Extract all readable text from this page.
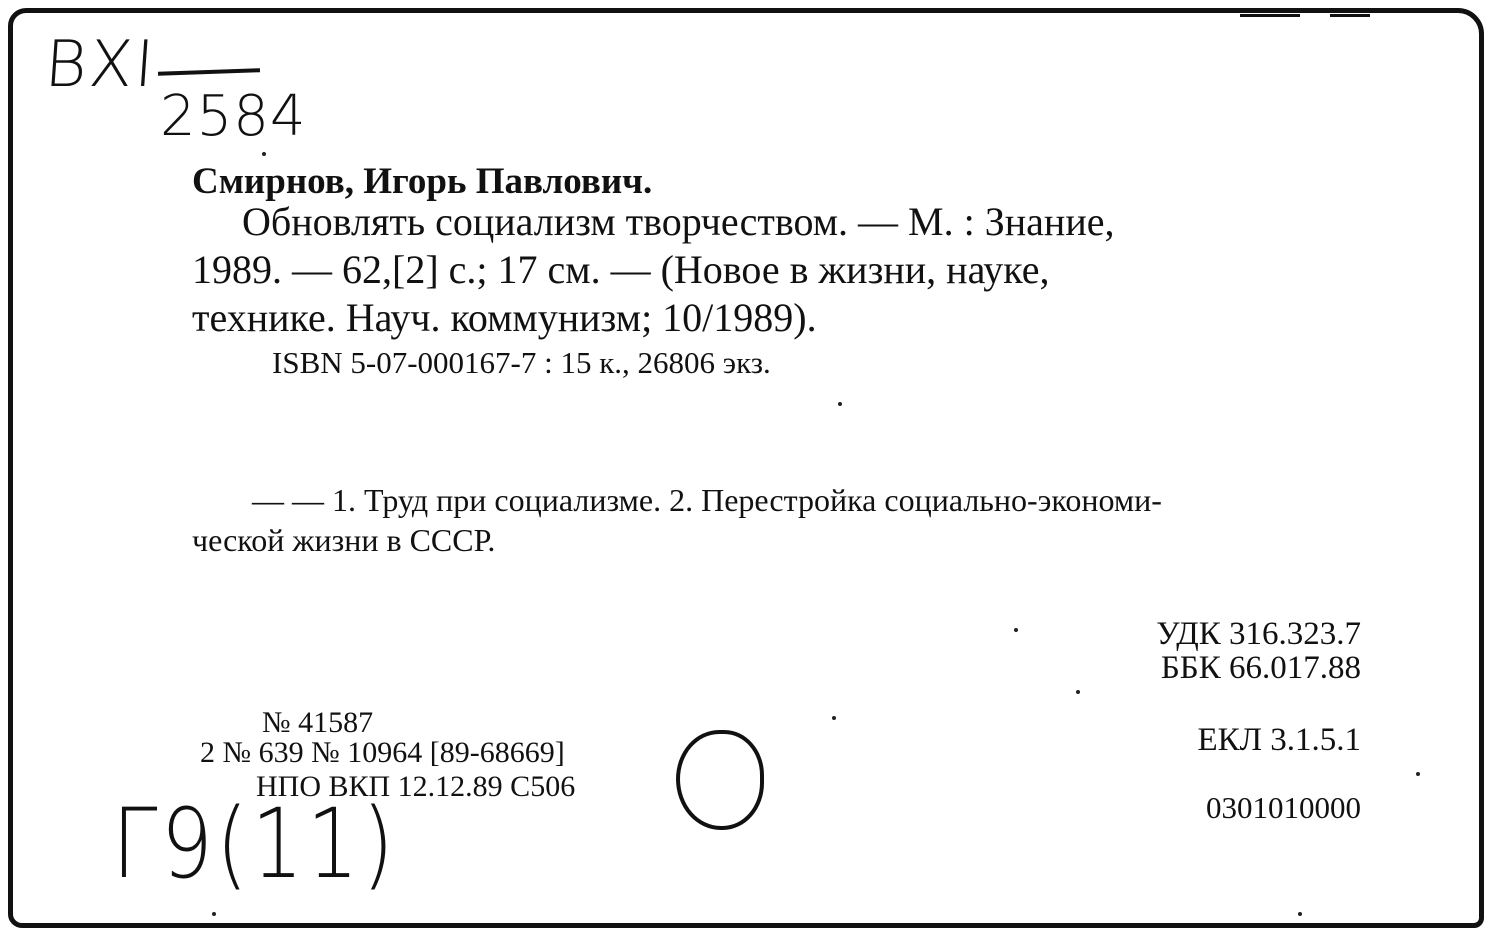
ВХI
2584
Смирнов, Игорь Павлович.
Обновлять социализм творчеством. — М. : Знание,
1989. — 62,[2] с.; 17 см. — (Новое в жизни, науке,
технике. Науч. коммунизм; 10/1989).
ISBN 5-07-000167-7 : 15 к., 26806 экз.
— — 1. Труд при социализме. 2. Перестройка социально-экономи-
ческой жизни в СССР.
УДК 316.323.7
ББК 66.017.88
ЕКЛ 3.1.5.1
0301010000
№ 41587
2 № 639 № 10964 [89-68669]
НПО ВКП 12.12.89 С506
Г9(11)
